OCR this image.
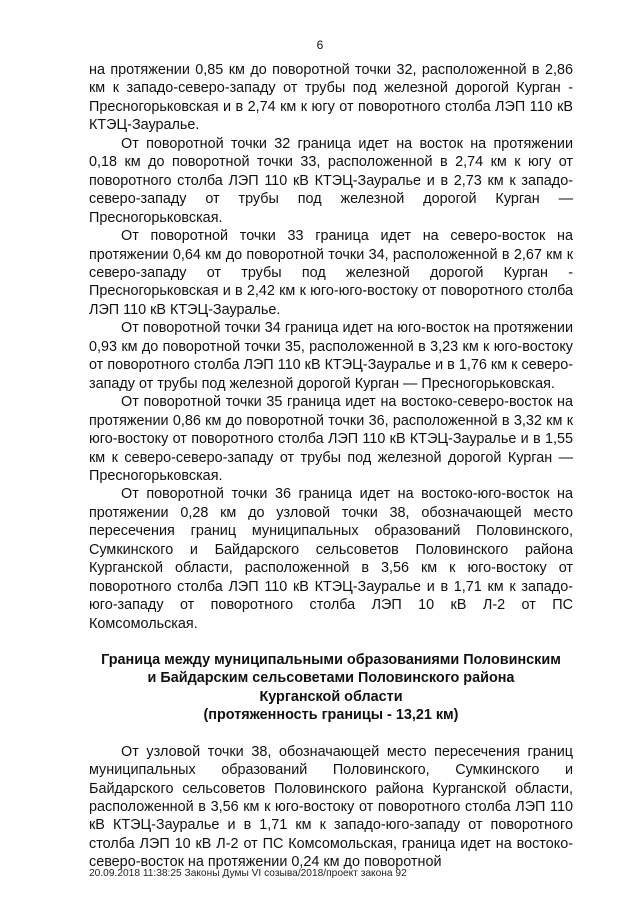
6

на протяжении 0,85 км до поворотной точки 32, расположенной в 2,86 км к западо-северо-западу от трубы под железной дорогой Курган - Пресногорьковская и в 2,74 км к югу от поворотного столба ЛЭП 110 кВ КТЭЦ-Зауралье.

От поворотной точки 32 граница идет на восток на протяжении 0,18 км до поворотной точки 33, расположенной в 2,74 км к югу от поворотного столба ЛЭП 110 кВ КТЭЦ-Зауралье и в 2,73 км к западо-северо-западу от трубы под железной дорогой Курган — Пресногорьковская.

От поворотной точки 33 граница идет на северо-восток на протяжении 0,64 км до поворотной точки 34, расположенной в 2,67 км к северо-западу от трубы под железной дорогой Курган - Пресногорьковская и в 2,42 км к юго-юго-востоку от поворотного столба ЛЭП 110 кВ КТЭЦ-Зауралье.

От поворотной точки 34 граница идет на юго-восток на протяжении 0,93 км до поворотной точки 35, расположенной в 3,23 км к юго-востоку от поворотного столба ЛЭП 110 кВ КТЭЦ-Зауралье и в 1,76 км к северо-западу от трубы под железной дорогой Курган — Пресногорьковская.

От поворотной точки 35 граница идет на востоко-северо-восток на протяжении 0,86 км до поворотной точки 36, расположенной в 3,32 км к юго-востоку от поворотного столба ЛЭП 110 кВ КТЭЦ-Зауралье и в 1,55 км к северо-северо-западу от трубы под железной дорогой Курган — Пресногорьковская.

От поворотной точки 36 граница идет на востоко-юго-восток на протяжении 0,28 км до узловой точки 38, обозначающей место пересечения границ муниципальных образований Половинского, Сумкинского и Байдарского сельсоветов Половинского района Курганской области, расположенной в 3,56 км к юго-востоку от поворотного столба ЛЭП 110 кВ КТЭЦ-Зауралье и в 1,71 км к западо-юго-западу от поворотного столба ЛЭП 10 кВ Л-2 от ПС Комсомольская.

Граница между муниципальными образованиями Половинским
и Байдарским сельсоветами Половинского района
Курганской области
(протяженность границы - 13,21 км)

От узловой точки 38, обозначающей место пересечения границ муниципальных образований Половинского, Сумкинского и Байдарского сельсоветов Половинского района Курганской области, расположенной в 3,56 км к юго-востоку от поворотного столба ЛЭП 110 кВ КТЭЦ-Зауралье и в 1,71 км к западо-юго-западу от поворотного столба ЛЭП 10 кВ Л-2 от ПС Комсомольская, граница идет на востоко-северо-восток на протяжении 0,24 км до поворотной

20.09.2018 11:38:25 Законы Думы VI созыва/2018/проект закона 92
